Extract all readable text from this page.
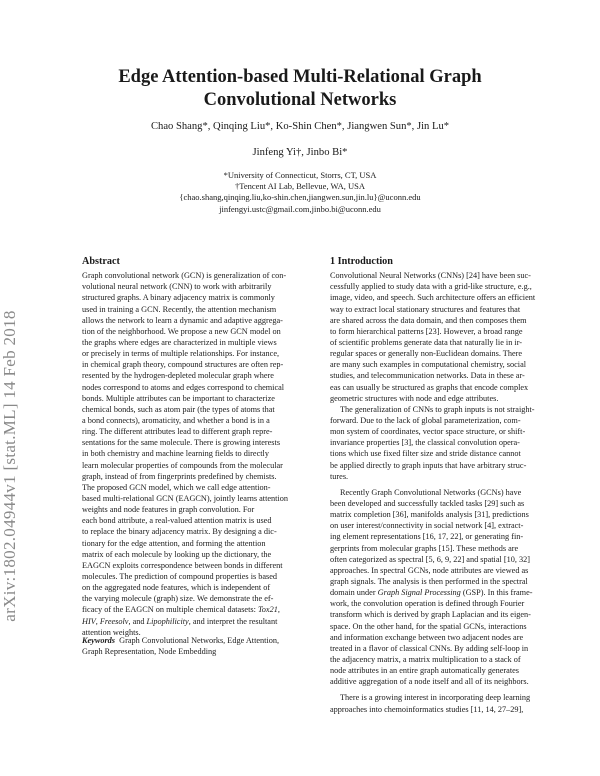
arXiv:1802.04944v1 [stat.ML] 14 Feb 2018
Edge Attention-based Multi-Relational Graph
Convolutional Networks
Chao Shang*, Qinqing Liu*, Ko-Shin Chen*, Jiangwen Sun*, Jin Lu*
Jinfeng Yi†, Jinbo Bi*
*University of Connecticut, Storrs, CT, USA
†Tencent AI Lab, Bellevue, WA, USA
{chao.shang,qinqing.liu,ko-shin.chen,jiangwen.sun,jin.lu}@uconn.edu
jinfengyi.ustc@gmail.com,jinbo.bi@uconn.edu
Abstract
Graph convolutional network (GCN) is generalization of con-
volutional neural network (CNN) to work with arbitrarily
structured graphs. A binary adjacency matrix is commonly
used in training a GCN. Recently, the attention mechanism
allows the network to learn a dynamic and adaptive aggrega-
tion of the neighborhood. We propose a new GCN model on
the graphs where edges are characterized in multiple views
or precisely in terms of multiple relationships. For instance,
in chemical graph theory, compound structures are often rep-
resented by the hydrogen-depleted molecular graph where
nodes correspond to atoms and edges correspond to chemical
bonds. Multiple attributes can be important to characterize
chemical bonds, such as atom pair (the types of atoms that
a bond connects), aromaticity, and whether a bond is in a
ring. The different attributes lead to different graph repre-
sentations for the same molecule. There is growing interests
in both chemistry and machine learning fields to directly
learn molecular properties of compounds from the molecular
graph, instead of from fingerprints predefined by chemists.
The proposed GCN model, which we call edge attention-
based multi-relational GCN (EAGCN), jointly learns attention
weights and node features in graph convolution. For
each bond attribute, a real-valued attention matrix is used
to replace the binary adjacency matrix. By designing a dic-
tionary for the edge attention, and forming the attention
matrix of each molecule by looking up the dictionary, the
EAGCN exploits correspondence between bonds in different
molecules. The prediction of compound properties is based
on the aggregated node features, which is independent of
the varying molecule (graph) size. We demonstrate the ef-
ficacy of the EAGCN on multiple chemical datasets: Tox21,
HIV, Freesolv, and Lipophilicity, and interpret the resultant
attention weights.
Keywords Graph Convolutional Networks, Edge Attention,
Graph Representation, Node Embedding
1 Introduction
Convolutional Neural Networks (CNNs) [24] have been suc-
cessfully applied to study data with a grid-like structure, e.g.,
image, video, and speech. Such architecture offers an efficient
way to extract local stationary structures and features that
are shared across the data domain, and then composes them
to form hierarchical patterns [23]. However, a broad range
of scientific problems generate data that naturally lie in ir-
regular spaces or generally non-Euclidean domains. There
are many such examples in computational chemistry, social
studies, and telecommunication networks. Data in these ar-
eas can usually be structured as graphs that encode complex
geometric structures with node and edge attributes.
The generalization of CNNs to graph inputs is not straight-
forward. Due to the lack of global parameterization, com-
mon system of coordinates, vector space structure, or shift-
invariance properties [3], the classical convolution opera-
tions which use fixed filter size and stride distance cannot
be applied directly to graph inputs that have arbitrary struc-
tures.
Recently Graph Convolutional Networks (GCNs) have
been developed and successfully tackled tasks [29] such as
matrix completion [36], manifolds analysis [31], predictions
on user interest/connectivity in social network [4], extract-
ing element representations [16, 17, 22], or generating fin-
gerprints from molecular graphs [15]. These methods are
often categorized as spectral [5, 6, 9, 22] and spatial [10, 32]
approaches. In spectral GCNs, node attributes are viewed as
graph signals. The analysis is then performed in the spectral
domain under Graph Signal Processing (GSP). In this frame-
work, the convolution operation is defined through Fourier
transform which is derived by graph Laplacian and its eigen-
space. On the other hand, for the spatial GCNs, interactions
and information exchange between two adjacent nodes are
treated in a flavor of classical CNNs. By adding self-loop in
the adjacency matrix, a matrix multiplication to a stack of
node attributes in an entire graph automatically generates
additive aggregation of a node itself and all of its neighbors.
There is a growing interest in incorporating deep learning
approaches into chemoinformatics studies [11, 14, 27–29],
